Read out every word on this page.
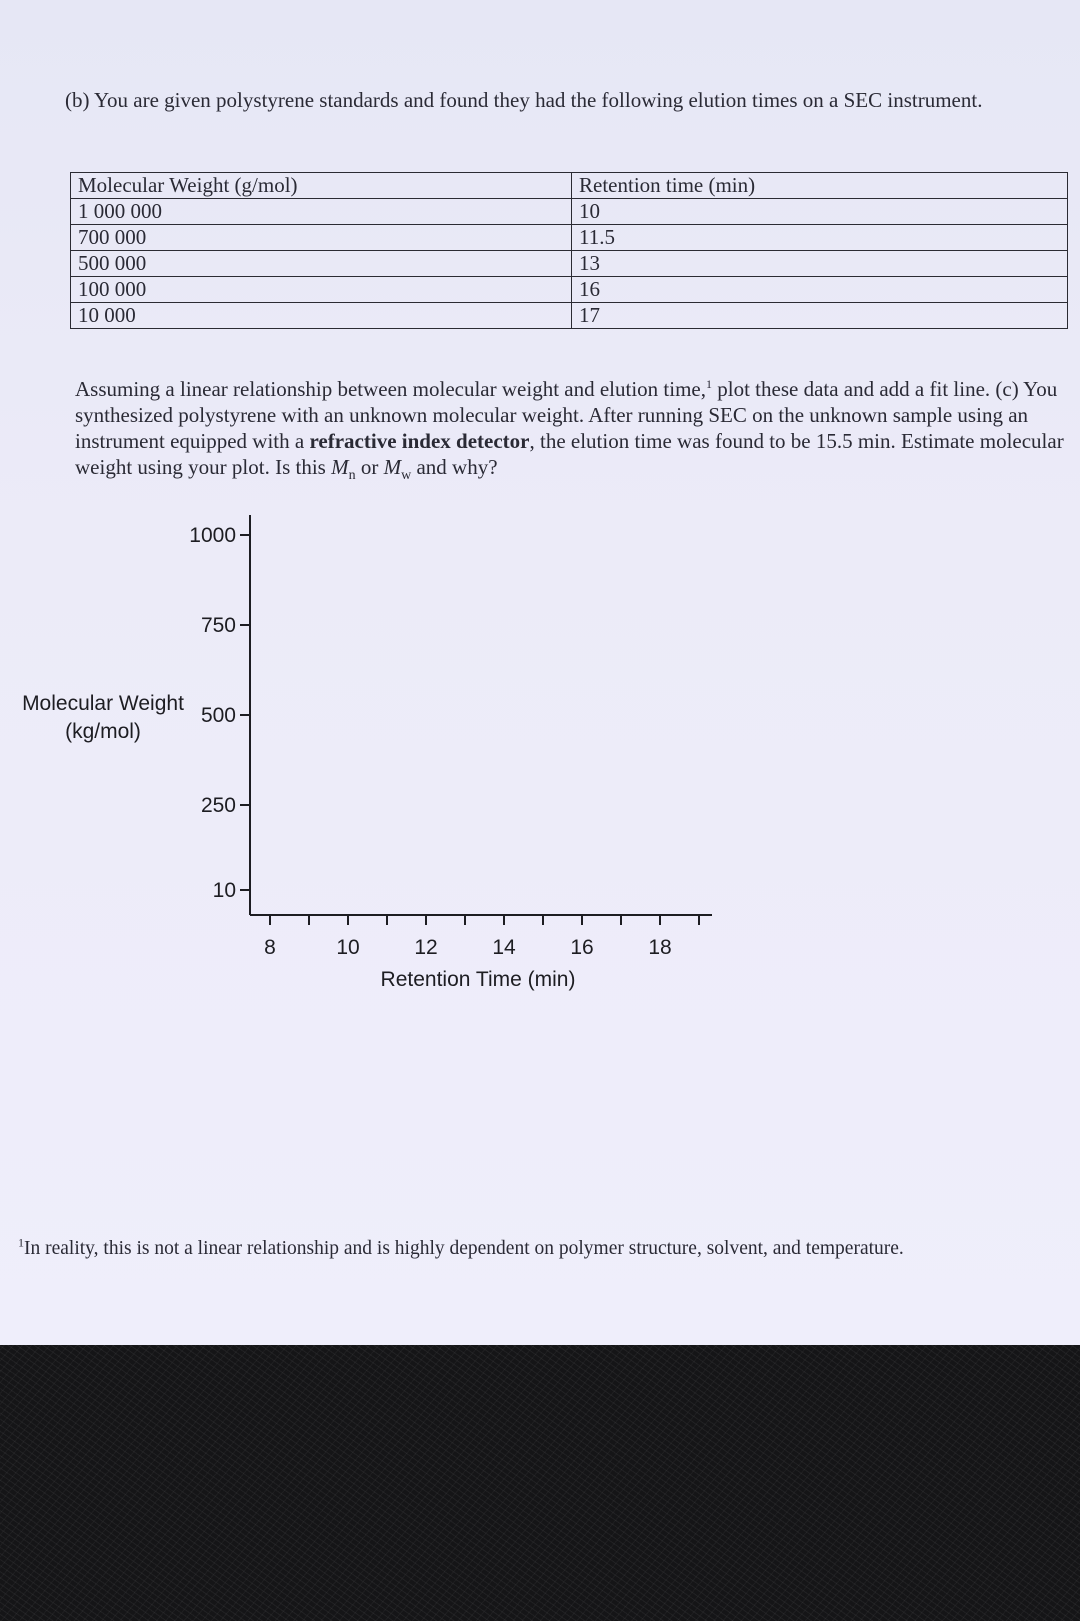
(b) You are given polystyrene standards and found they had the following elution times on a SEC instrument.
Molecular Weight (g/mol)	Retention time (min)
1 000 000	10
700 000	11.5
500 000	13
100 000	16
10 000	17
Assuming a linear relationship between molecular weight and elution time,$^1$ plot these data and add a fit line. (c) You synthesized polystyrene with an unknown molecular weight. After running SEC on the unknown sample using an instrument equipped with a refractive index detector, the elution time was found to be 15.5 min. Estimate molecular weight using your plot. Is this $M_n$ or $M_w$ and why?
1000
750
500
250
10
8	10	12	14	16	18
Molecular Weight
(kg/mol)
Retention Time (min)
$^1$In reality, this is not a linear relationship and is highly dependent on polymer structure, solvent, and temperature.
